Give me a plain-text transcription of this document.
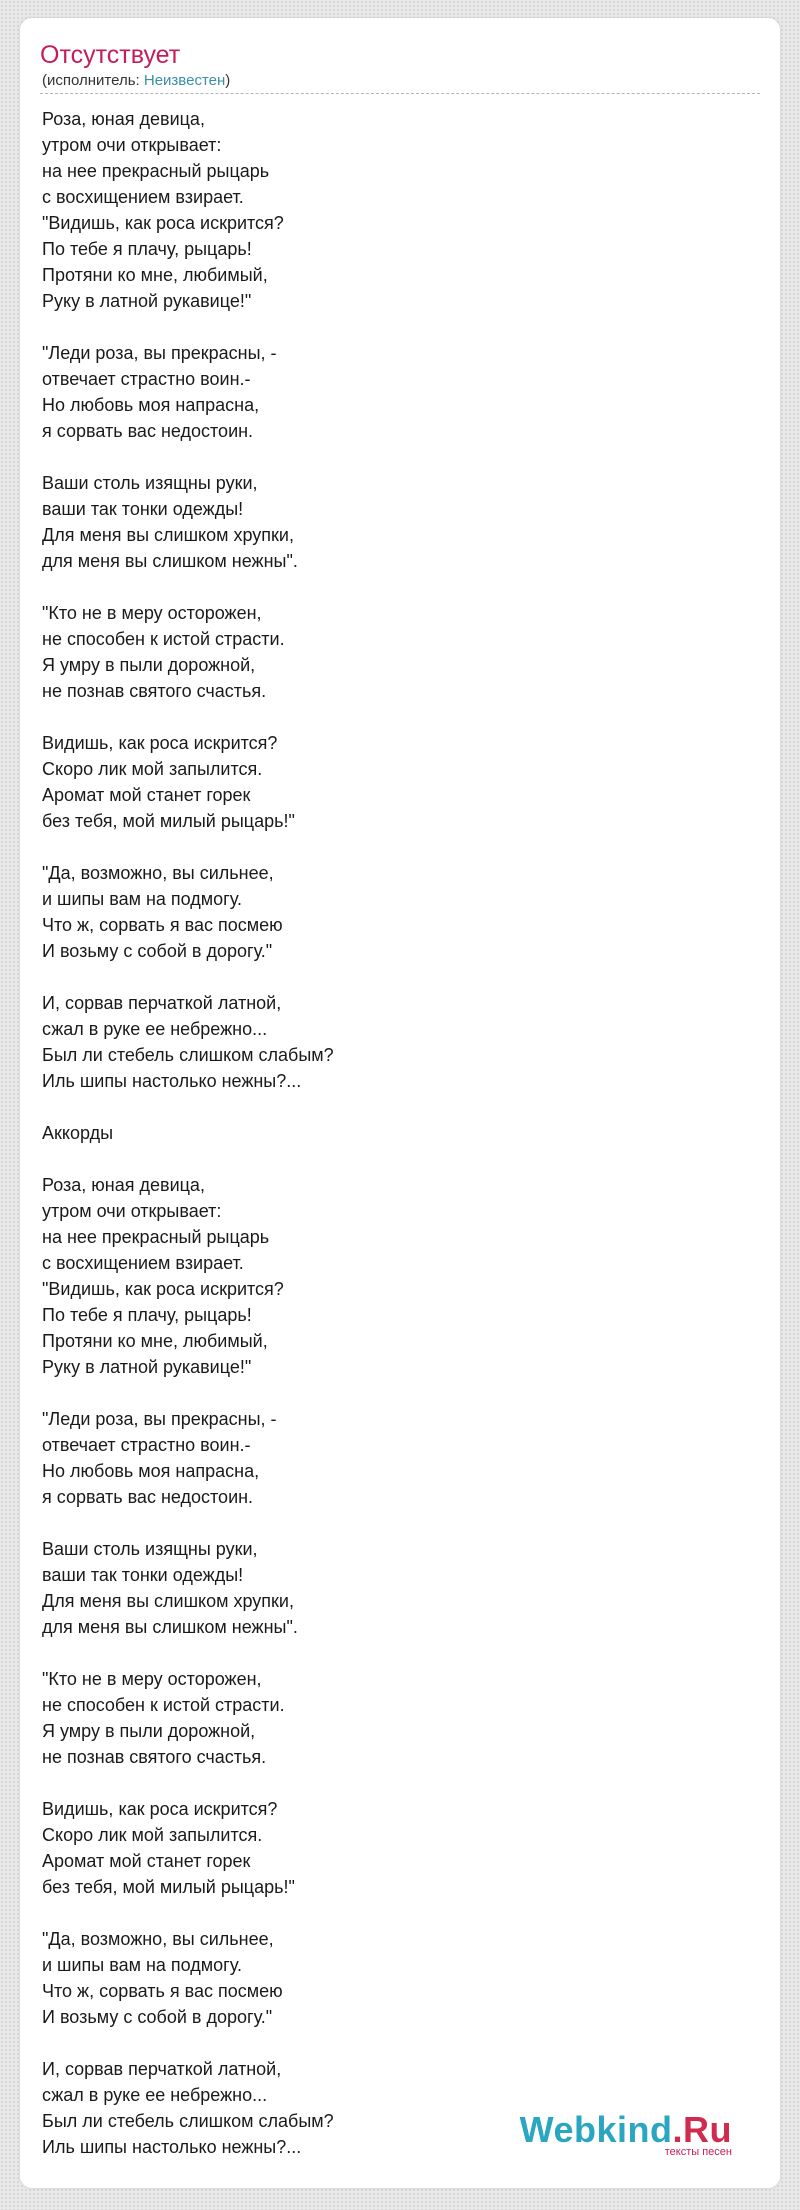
Отсутствует
(исполнитель: Неизвестен)
Роза, юная девица,
утром очи открывает:
на нее прекрасный рыцарь
с восхищением взирает.
"Видишь, как роса искрится?
По тебе я плачу, рыцарь!
Протяни ко мне, любимый,
Руку в латной рукавице!"
"Леди роза, вы прекрасны, -
отвечает страстно воин.-
Но любовь моя напрасна,
я сорвать вас недостоин.
Ваши столь изящны руки,
ваши так тонки одежды!
Для меня вы слишком хрупки,
для меня вы слишком нежны".
"Кто не в меру осторожен,
не способен к истой страсти.
Я умру в пыли дорожной,
не познав святого счастья.
Видишь, как роса искрится?
Скоро лик мой запылится.
Аромат мой станет горек
без тебя, мой милый рыцарь!"
"Да, возможно, вы сильнее,
и шипы вам на подмогу.
Что ж, сорвать я вас посмею
И возьму с собой в дорогу."
И, сорвав перчаткой латной,
сжал в руке ее небрежно...
Был ли стебель слишком слабым?
Иль шипы настолько нежны?...
Аккорды
Роза, юная девица,
утром очи открывает:
на нее прекрасный рыцарь
с восхищением взирает.
"Видишь, как роса искрится?
По тебе я плачу, рыцарь!
Протяни ко мне, любимый,
Руку в латной рукавице!"
"Леди роза, вы прекрасны, -
отвечает страстно воин.-
Но любовь моя напрасна,
я сорвать вас недостоин.
Ваши столь изящны руки,
ваши так тонки одежды!
Для меня вы слишком хрупки,
для меня вы слишком нежны".
"Кто не в меру осторожен,
не способен к истой страсти.
Я умру в пыли дорожной,
не познав святого счастья.
Видишь, как роса искрится?
Скоро лик мой запылится.
Аромат мой станет горек
без тебя, мой милый рыцарь!"
"Да, возможно, вы сильнее,
и шипы вам на подмогу.
Что ж, сорвать я вас посмею
И возьму с собой в дорогу."
И, сорвав перчаткой латной,
сжал в руке ее небрежно...
Был ли стебель слишком слабым?
Иль шипы настолько нежны?...	Webkind.Ru
тексты песен
